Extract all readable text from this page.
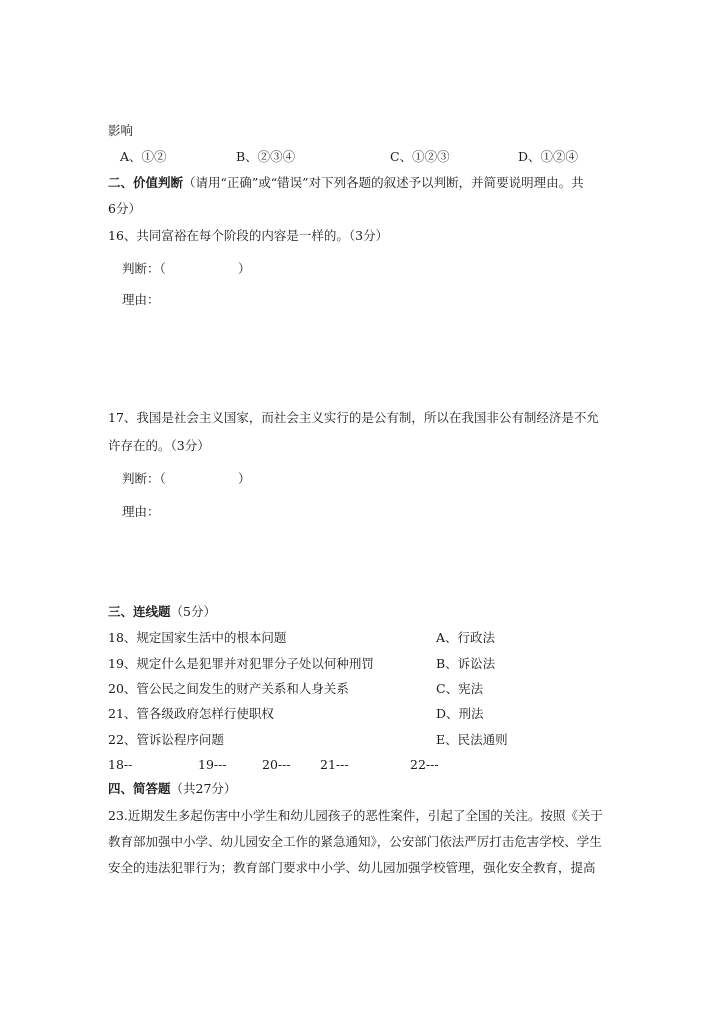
影响
A、①②	B、②③④	C、①②③	D、①②④
二、价值判断（请用“正确”或“错误”对下列各题的叙述予以判断，并简要说明理由。共
6分）
16、共同富裕在每个阶段的内容是一样的。（3分）
判断：（	）
理由：
17、我国是社会主义国家，而社会主义实行的是公有制，所以在我国非公有制经济是不允
许存在的。（3分）
判断：（	）
理由：
三、连线题（5分）
18、规定国家生活中的根本问题	A、行政法
19、规定什么是犯罪并对犯罪分子处以何种刑罚	B、诉讼法
20、管公民之间发生的财产关系和人身关系	C、宪法
21、管各级政府怎样行使职权	D、刑法
22、管诉讼程序问题	E、民法通则
18--	19---	20--- 21---	22---
四、简答题（共27分）
23.近期发生多起伤害中小学生和幼儿园孩子的恶性案件，引起了全国的关注。按照《关于
教育部加强中小学、幼儿园安全工作的紧急通知》，公安部门依法严厉打击危害学校、学生
安全的违法犯罪行为；教育部门要求中小学、幼儿园加强学校管理，强化安全教育，提高
